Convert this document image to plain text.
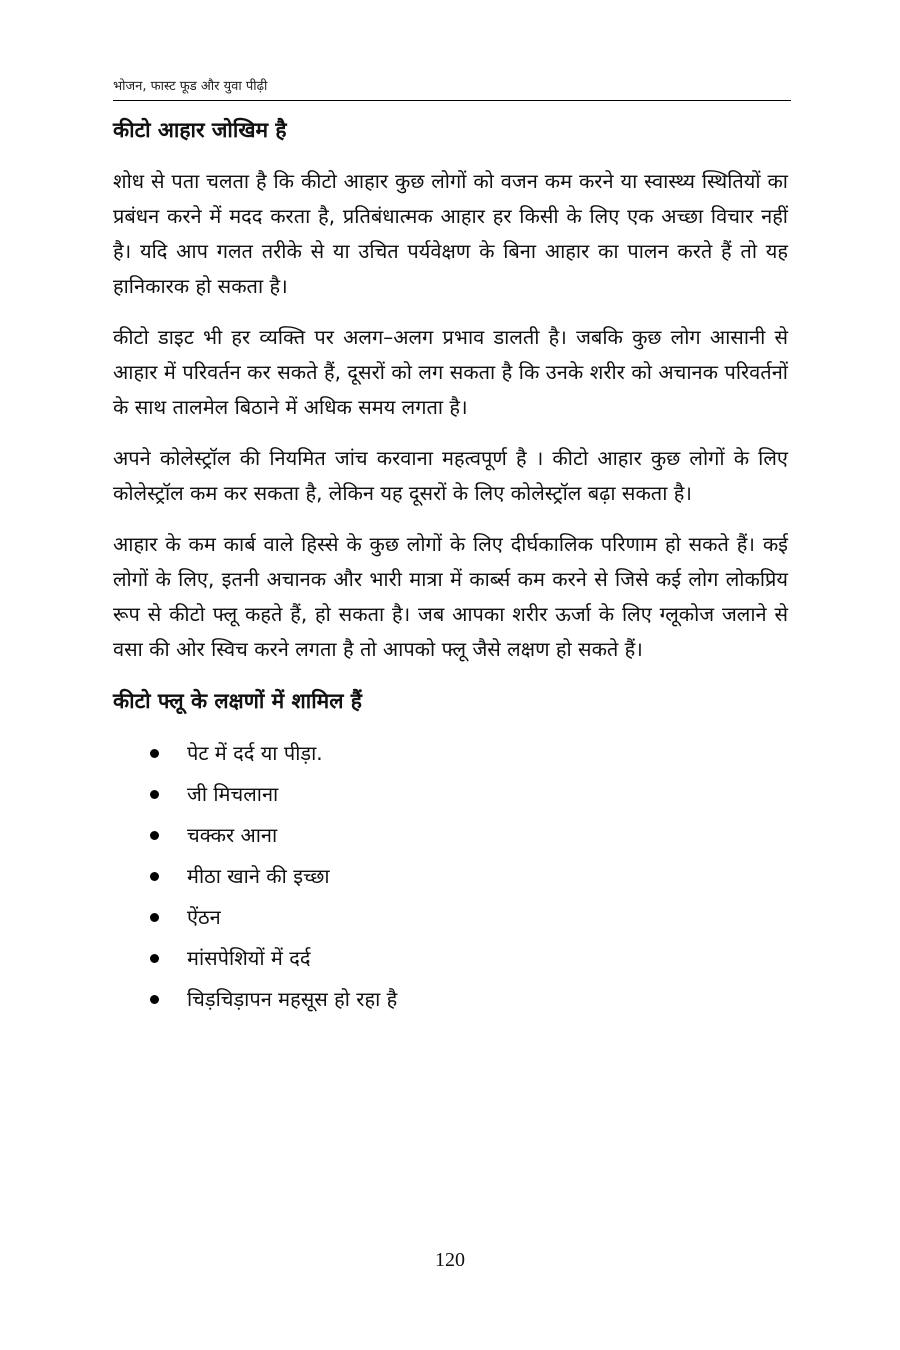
भोजन, फास्ट फूड और युवा पीढ़ी
कीटो आहार जोखिम है

शोध से पता चलता है कि कीटो आहार कुछ लोगों को वजन कम करने या स्वास्थ्य स्थितियों का प्रबंधन करने में मदद करता है, प्रतिबंधात्मक आहार हर किसी के लिए एक अच्छा विचार नहीं है। यदि आप गलत तरीके से या उचित पर्यवेक्षण के बिना आहार का पालन करते हैं तो यह हानिकारक हो सकता है।

कीटो डाइट भी हर व्यक्ति पर अलग–अलग प्रभाव डालती है। जबकि कुछ लोग आसानी से आहार में परिवर्तन कर सकते हैं, दूसरों को लग सकता है कि उनके शरीर को अचानक परिवर्तनों के साथ तालमेल बिठाने में अधिक समय लगता है।

अपने कोलेस्ट्रॉल की नियमित जांच करवाना महत्वपूर्ण है । कीटो आहार कुछ लोगों के लिए कोलेस्ट्रॉल कम कर सकता है, लेकिन यह दूसरों के लिए कोलेस्ट्रॉल बढ़ा सकता है।

आहार के कम कार्ब वाले हिस्से के कुछ लोगों के लिए दीर्घकालिक परिणाम हो सकते हैं। कई लोगों के लिए, इतनी अचानक और भारी मात्रा में कार्ब्स कम करने से जिसे कई लोग लोकप्रिय रूप से कीटो फ्लू कहते हैं, हो सकता है। जब आपका शरीर ऊर्जा के लिए ग्लूकोज जलाने से वसा की ओर स्विच करने लगता है तो आपको फ्लू जैसे लक्षण हो सकते हैं।

कीटो फ्लू के लक्षणों में शामिल हैं
पेट में दर्द या पीड़ा.
जी मिचलाना
चक्कर आना
मीठा खाने की इच्छा
ऐंठन
मांसपेशियों में दर्द
चिड़चिड़ापन महसूस हो रहा है
120
